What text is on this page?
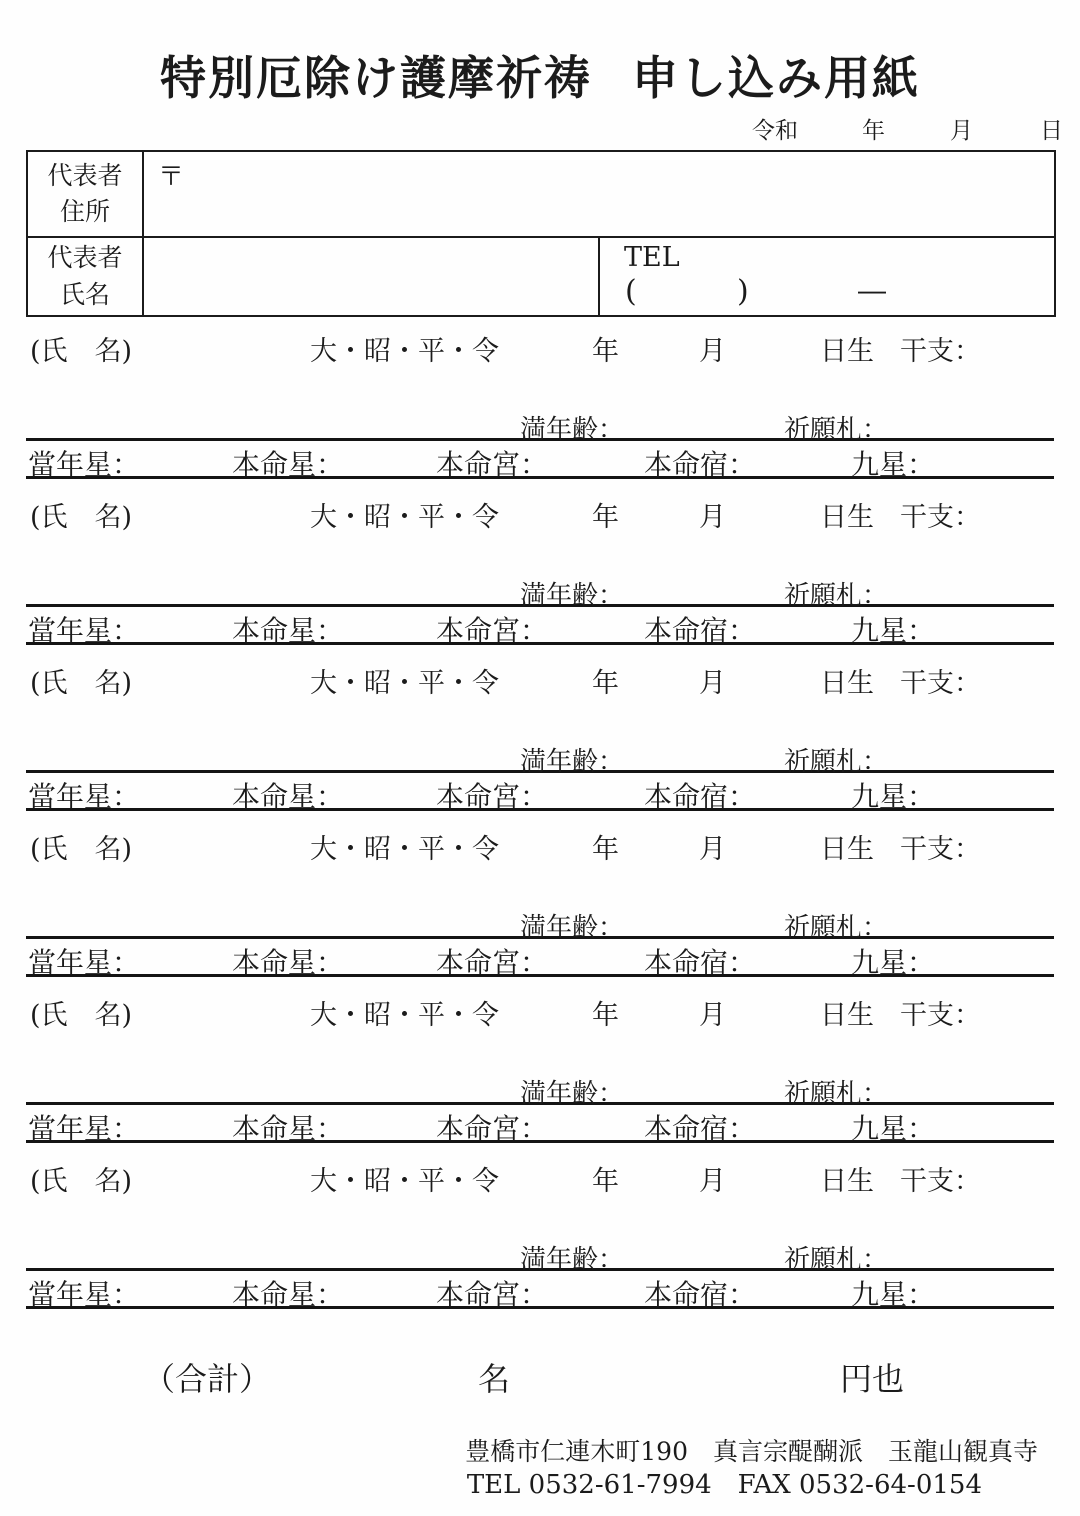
特別厄除け護摩祈祷 申し込み用紙
令和	年	月	日
代表者
住所	〒	

代表者
氏名

TEL
(	)	―
(氏　名)	大・昭・平・令	年	月	日生 干支：
満年齢：	祈願札：
當年星：	本命星：	本命宮：	本命宿：	九星：
(氏　名)	大・昭・平・令	年	月	日生 干支：
満年齢：	祈願札：
當年星：	本命星：	本命宮：	本命宿：	九星：
(氏　名)	大・昭・平・令	年	月	日生 干支：
満年齢：	祈願札：
當年星：	本命星：	本命宮：	本命宿：	九星：
(氏　名)	大・昭・平・令	年	月	日生 干支：
満年齢：	祈願札：
當年星：	本命星：	本命宮：	本命宿：	九星：
(氏　名)	大・昭・平・令	年	月	日生 干支：
満年齢：	祈願札：
當年星：	本命星：	本命宮：	本命宿：	九星：
(氏　名)	大・昭・平・令	年	月	日生 干支：
満年齢：	祈願札：
當年星：	本命星：	本命宮：	本命宿：	九星：
（合計）	名	円也
豊橋市仁連木町190　真言宗醍醐派　玉龍山観真寺
TEL 0532-61-7994　FAX 0532-64-0154
